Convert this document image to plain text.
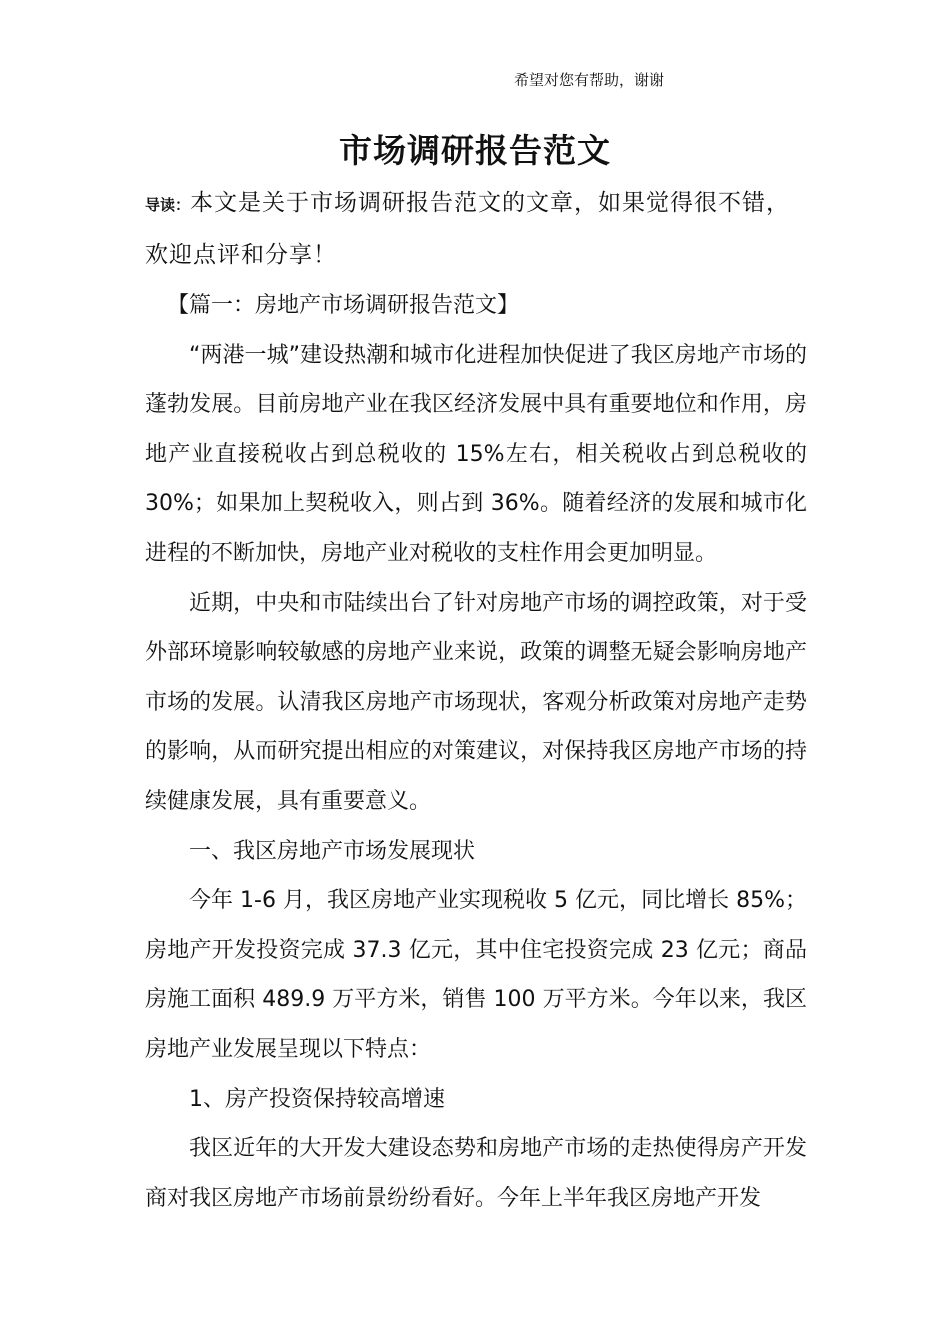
希望对您有帮助，谢谢
市场调研报告范文

导读：本文是关于市场调研报告范文的文章，如果觉得很不错，欢迎点评和分享！

【篇一：房地产市场调研报告范文】

“两港一城”建设热潮和城市化进程加快促进了我区房地产市场的蓬勃发展。目前房地产业在我区经济发展中具有重要地位和作用，房地产业直接税收占到总税收的 15%左右，相关税收占到总税收的 30%；如果加上契税收入，则占到 36%。随着经济的发展和城市化进程的不断加快，房地产业对税收的支柱作用会更加明显。

近期，中央和市陆续出台了针对房地产市场的调控政策，对于受外部环境影响较敏感的房地产业来说，政策的调整无疑会影响房地产市场的发展。认清我区房地产市场现状，客观分析政策对房地产走势的影响，从而研究提出相应的对策建议，对保持我区房地产市场的持续健康发展，具有重要意义。

一、我区房地产市场发展现状

今年 1-6 月，我区房地产业实现税收 5 亿元，同比增长 85%；房地产开发投资完成 37.3 亿元，其中住宅投资完成 23 亿元；商品房施工面积 489.9 万平方米，销售 100 万平方米。今年以来，我区房地产业发展呈现以下特点：

1、房产投资保持较高增速

我区近年的大开发大建设态势和房地产市场的走热使得房产开发商对我区房地产市场前景纷纷看好。今年上半年我区房地产开发
